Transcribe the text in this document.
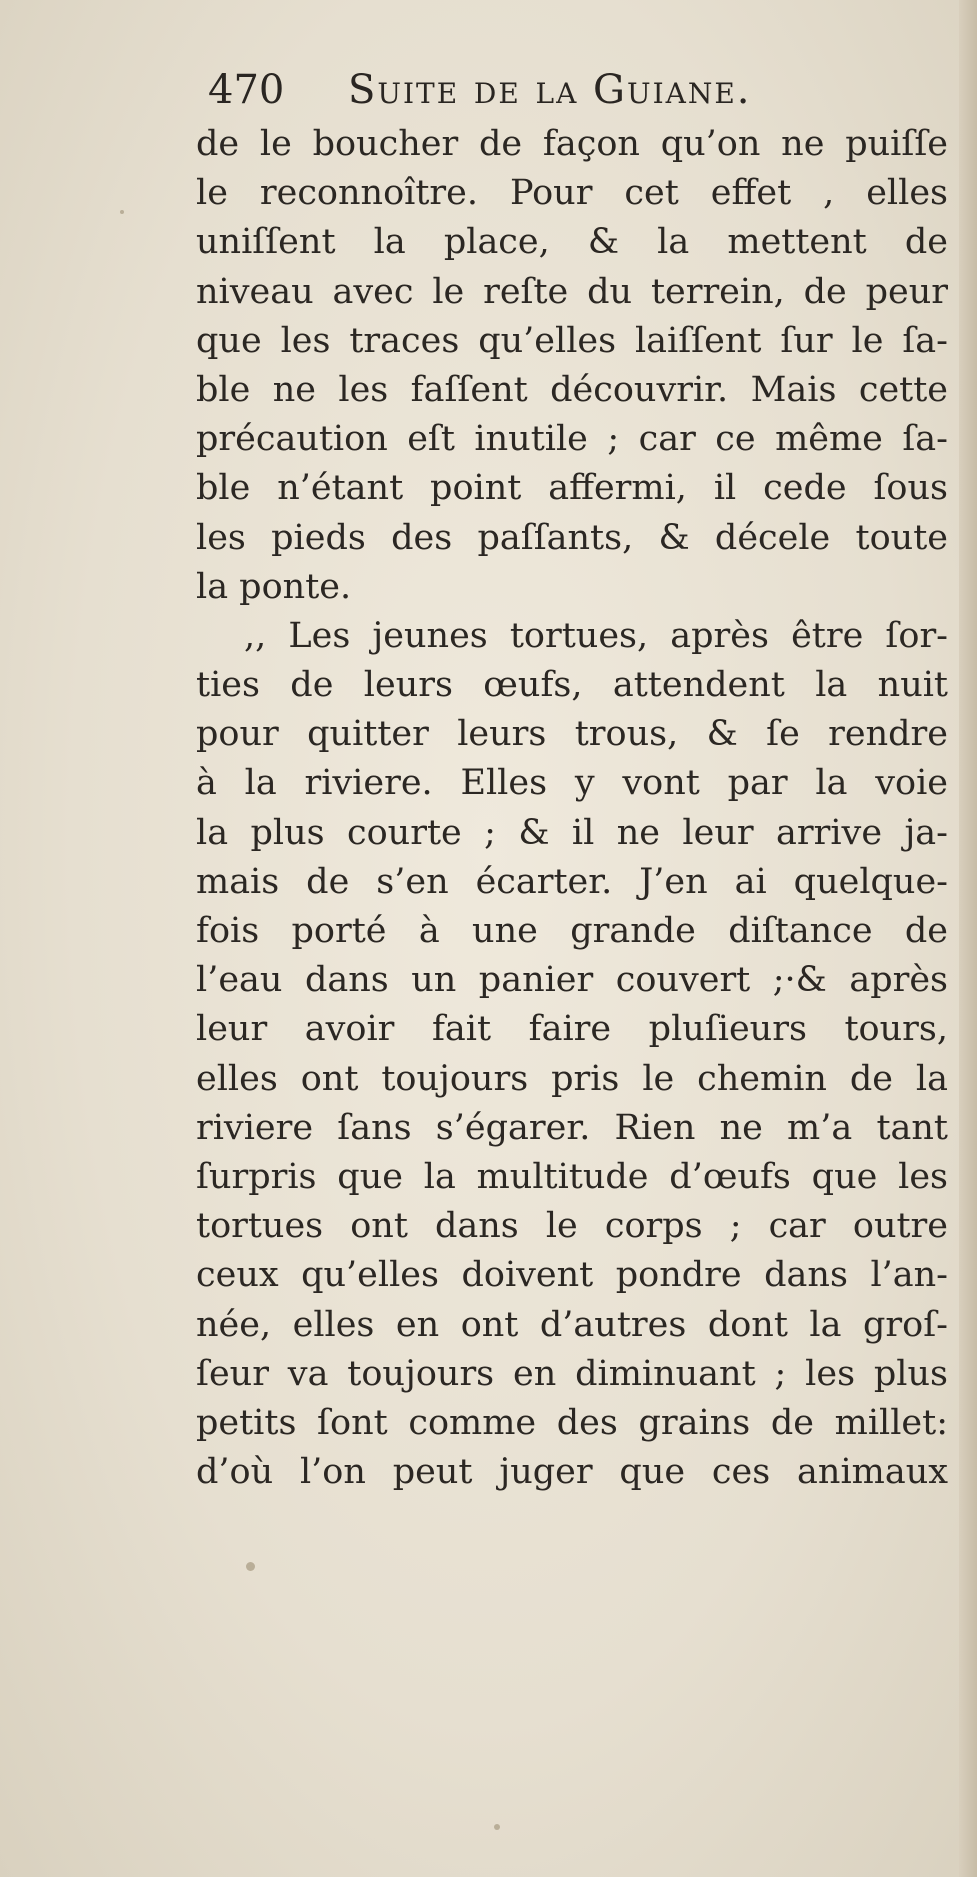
470 Suite de la Guiane.
de le boucher de façon qu’on ne puiſſe
le reconnoître. Pour cet effet , elles
uniſſent la place, & la mettent de
niveau avec le reſte du terrein, de peur
que les traces qu’elles laiſſent ſur le ſa-
ble ne les faſſent découvrir. Mais cette
précaution eſt inutile ; car ce même ſa-
ble n’étant point affermi, il cede ſous
les pieds des paſſants, & décele toute
la ponte.
,, Les jeunes tortues, après être ſor-
ties de leurs œufs, attendent la nuit
pour quitter leurs trous, & ſe rendre
à la riviere. Elles y vont par la voie
la plus courte ; & il ne leur arrive ja-
mais de s’en écarter. J’en ai quelque-
fois porté à une grande diſtance de
l’eau dans un panier couvert ;·& après
leur avoir fait faire pluſieurs tours,
elles ont toujours pris le chemin de la
riviere ſans s’égarer. Rien ne m’a tant
ſurpris que la multitude d’œufs que les
tortues ont dans le corps ; car outre
ceux qu’elles doivent pondre dans l’an-
née, elles en ont d’autres dont la groſ-
ſeur va toujours en diminuant ; les plus
petits ſont comme des grains de millet:
d’où l’on peut juger que ces animaux
